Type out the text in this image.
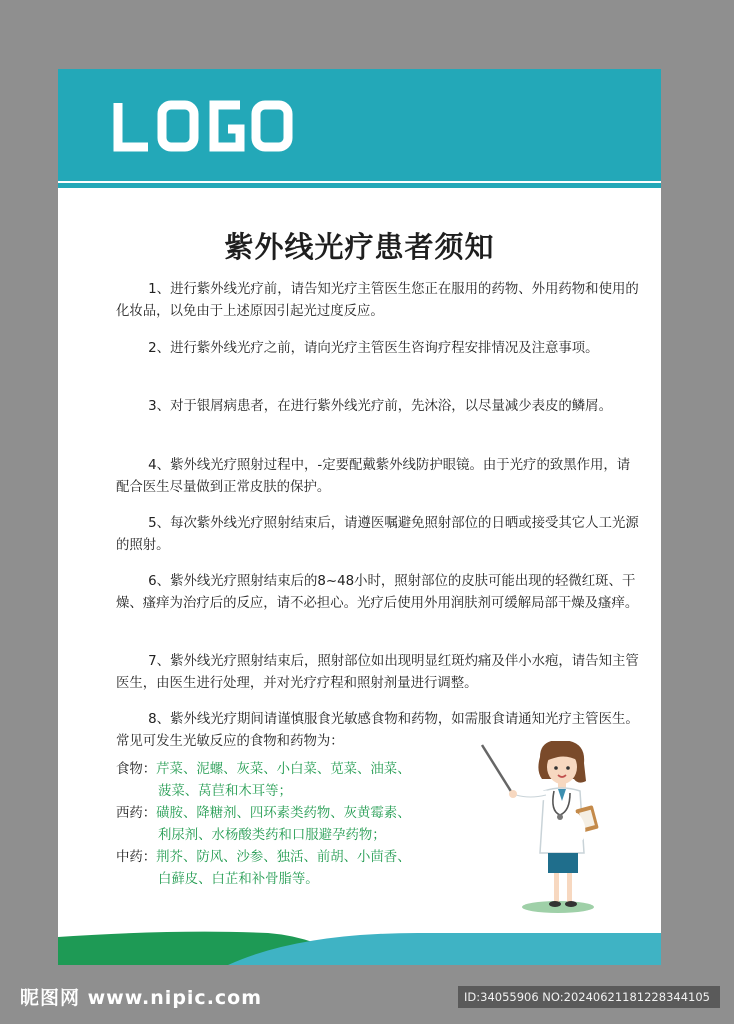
LOGO
紫外线光疗患者须知
1、进行紫外线光疗前，请告知光疗主管医生您正在服用的药物、外用药物和使用的化妆品，以免由于上述原因引起光过度反应。
2、进行紫外线光疗之前，请向光疗主管医生咨询疗程安排情况及注意事项。
3、对于银屑病患者，在进行紫外线光疗前，先沐浴，以尽量减少表皮的鳞屑。
4、紫外线光疗照射过程中，-定要配戴紫外线防护眼镜。由于光疗的致黑作用，请配合医生尽量做到正常皮肤的保护。
5、每次紫外线光疗照射结束后，请遵医嘱避免照射部位的日晒或接受其它人工光源的照射。
6、紫外线光疗照射结束后的8~48小时，照射部位的皮肤可能出现的轻微红斑、干燥、瘙痒为治疗后的反应，请不必担心。光疗后使用外用润肤剂可缓解局部干燥及瘙痒。
7、紫外线光疗照射结束后，照射部位如出现明显红斑灼痛及伴小水疱，请告知主管医生，由医生进行处理，并对光疗疗程和照射剂量进行调整。
8、紫外线光疗期间请谨慎服食光敏感食物和药物，如需服食请通知光疗主管医生。常见可发生光敏反应的食物和药物为：
食物：芹菜、泥螺、灰菜、小白菜、苋菜、油菜、
菠菜、莴苣和木耳等；
西药：磺胺、降糖剂、四环素类药物、灰黄霉素、
利尿剂、水杨酸类药和口服避孕药物；
中药：荆芥、防风、沙参、独活、前胡、小茴香、
白藓皮、白芷和补骨脂等。
昵图网 www.nipic.com	ID:34055906 NO:20240621181228344105
